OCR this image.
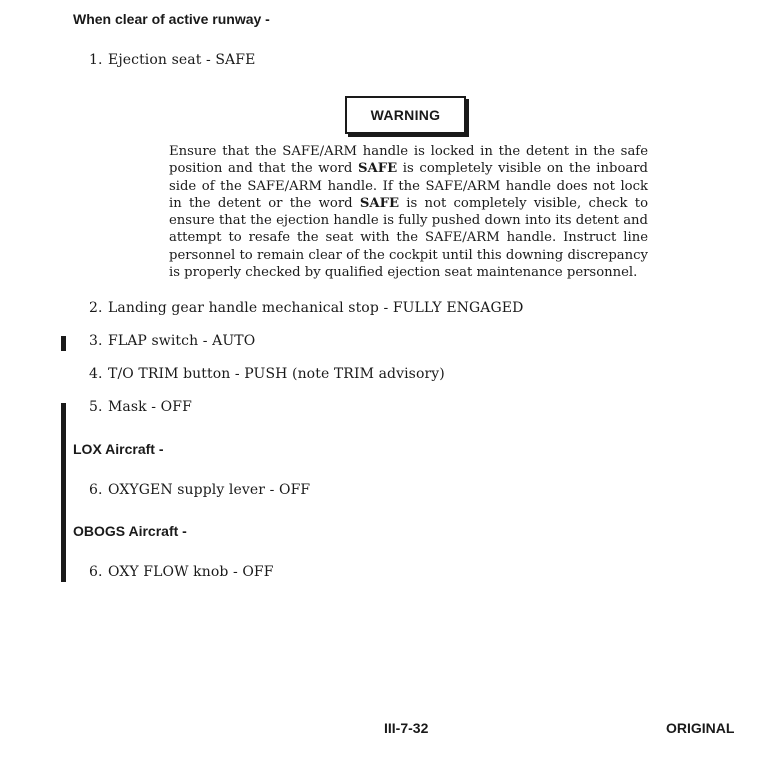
When clear of active runway -
1. Ejection seat - SAFE
WARNING
Ensure that the SAFE/ARM handle is locked in the detent in the safe position and that the word SAFE is completely visible on the inboard side of the SAFE/ARM handle. If the SAFE/ARM handle does not lock in the detent or the word SAFE is not completely visible, check to ensure that the ejection handle is fully pushed down into its detent and attempt to resafe the seat with the SAFE/ARM handle. Instruct line personnel to remain clear of the cockpit until this downing discrepancy is properly checked by qualified ejection seat maintenance personnel.
2. Landing gear handle mechanical stop - FULLY ENGAGED
3. FLAP switch - AUTO
4. T/O TRIM button - PUSH (note TRIM advisory)
5. Mask - OFF
LOX Aircraft -
6. OXYGEN supply lever - OFF
OBOGS Aircraft -
6. OXY FLOW knob - OFF
III-7-32	ORIGINAL
